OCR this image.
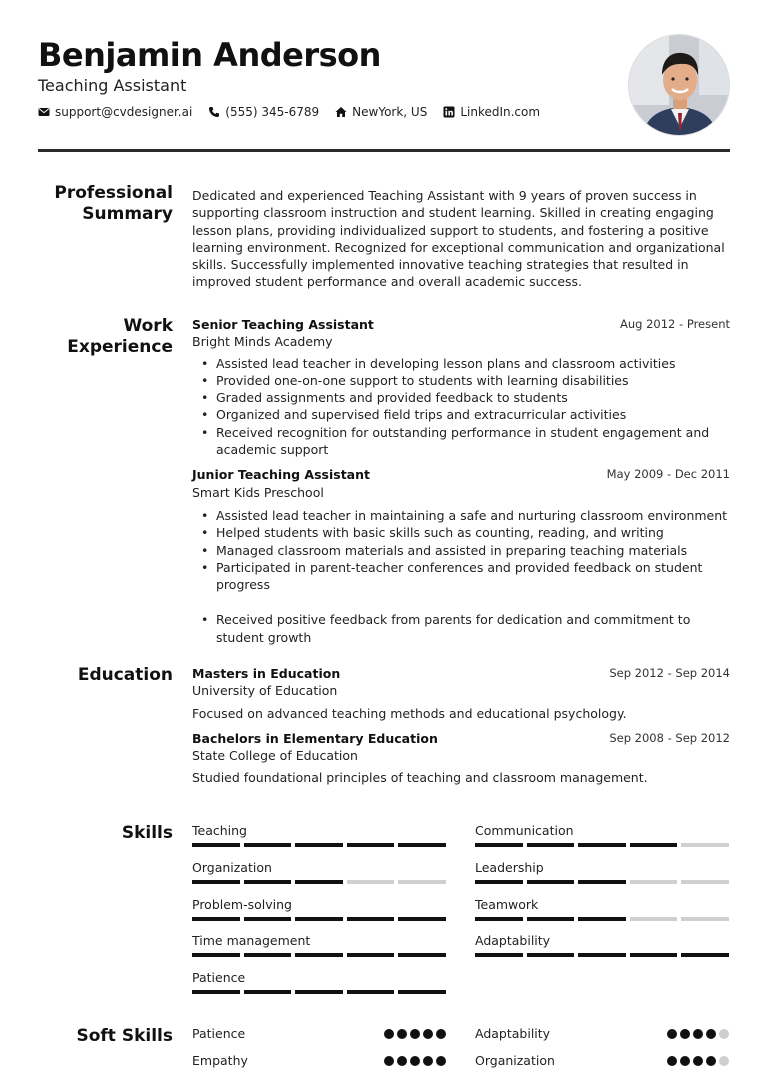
Benjamin Anderson
Teaching Assistant
support@cvdesigner.ai	(555) 345-6789	NewYork, US	LinkedIn.com
Professional
Summary
Dedicated and experienced Teaching Assistant with 9 years of proven success in supporting classroom instruction and student learning. Skilled in creating engaging lesson plans, providing individualized support to students, and fostering a positive learning environment. Recognized for exceptional communication and organizational skills. Successfully implemented innovative teaching strategies that resulted in improved student performance and overall academic success.
Work
Experience
Senior Teaching Assistant	Aug 2012 - Present
Bright Minds Academy
• Assisted lead teacher in developing lesson plans and classroom activities
• Provided one-on-one support to students with learning disabilities
• Graded assignments and provided feedback to students
• Organized and supervised field trips and extracurricular activities
• Received recognition for outstanding performance in student engagement and academic support
Junior Teaching Assistant	May 2009 - Dec 2011
Smart Kids Preschool
• Assisted lead teacher in maintaining a safe and nurturing classroom environment
• Helped students with basic skills such as counting, reading, and writing
• Managed classroom materials and assisted in preparing teaching materials
• Participated in parent-teacher conferences and provided feedback on student progress
• Received positive feedback from parents for dedication and commitment to student growth
Education Masters in Education	Sep 2012 - Sep 2014
University of Education
Focused on advanced teaching methods and educational psychology.
Bachelors in Elementary Education	Sep 2008 - Sep 2012
State College of Education
Studied foundational principles of teaching and classroom management.
Skills Teaching	Communication
Organization	Leadership
Problem-solving	Teamwork
Time management	Adaptability
Patience
Soft Skills Patience	Adaptability
Empathy	Organization
